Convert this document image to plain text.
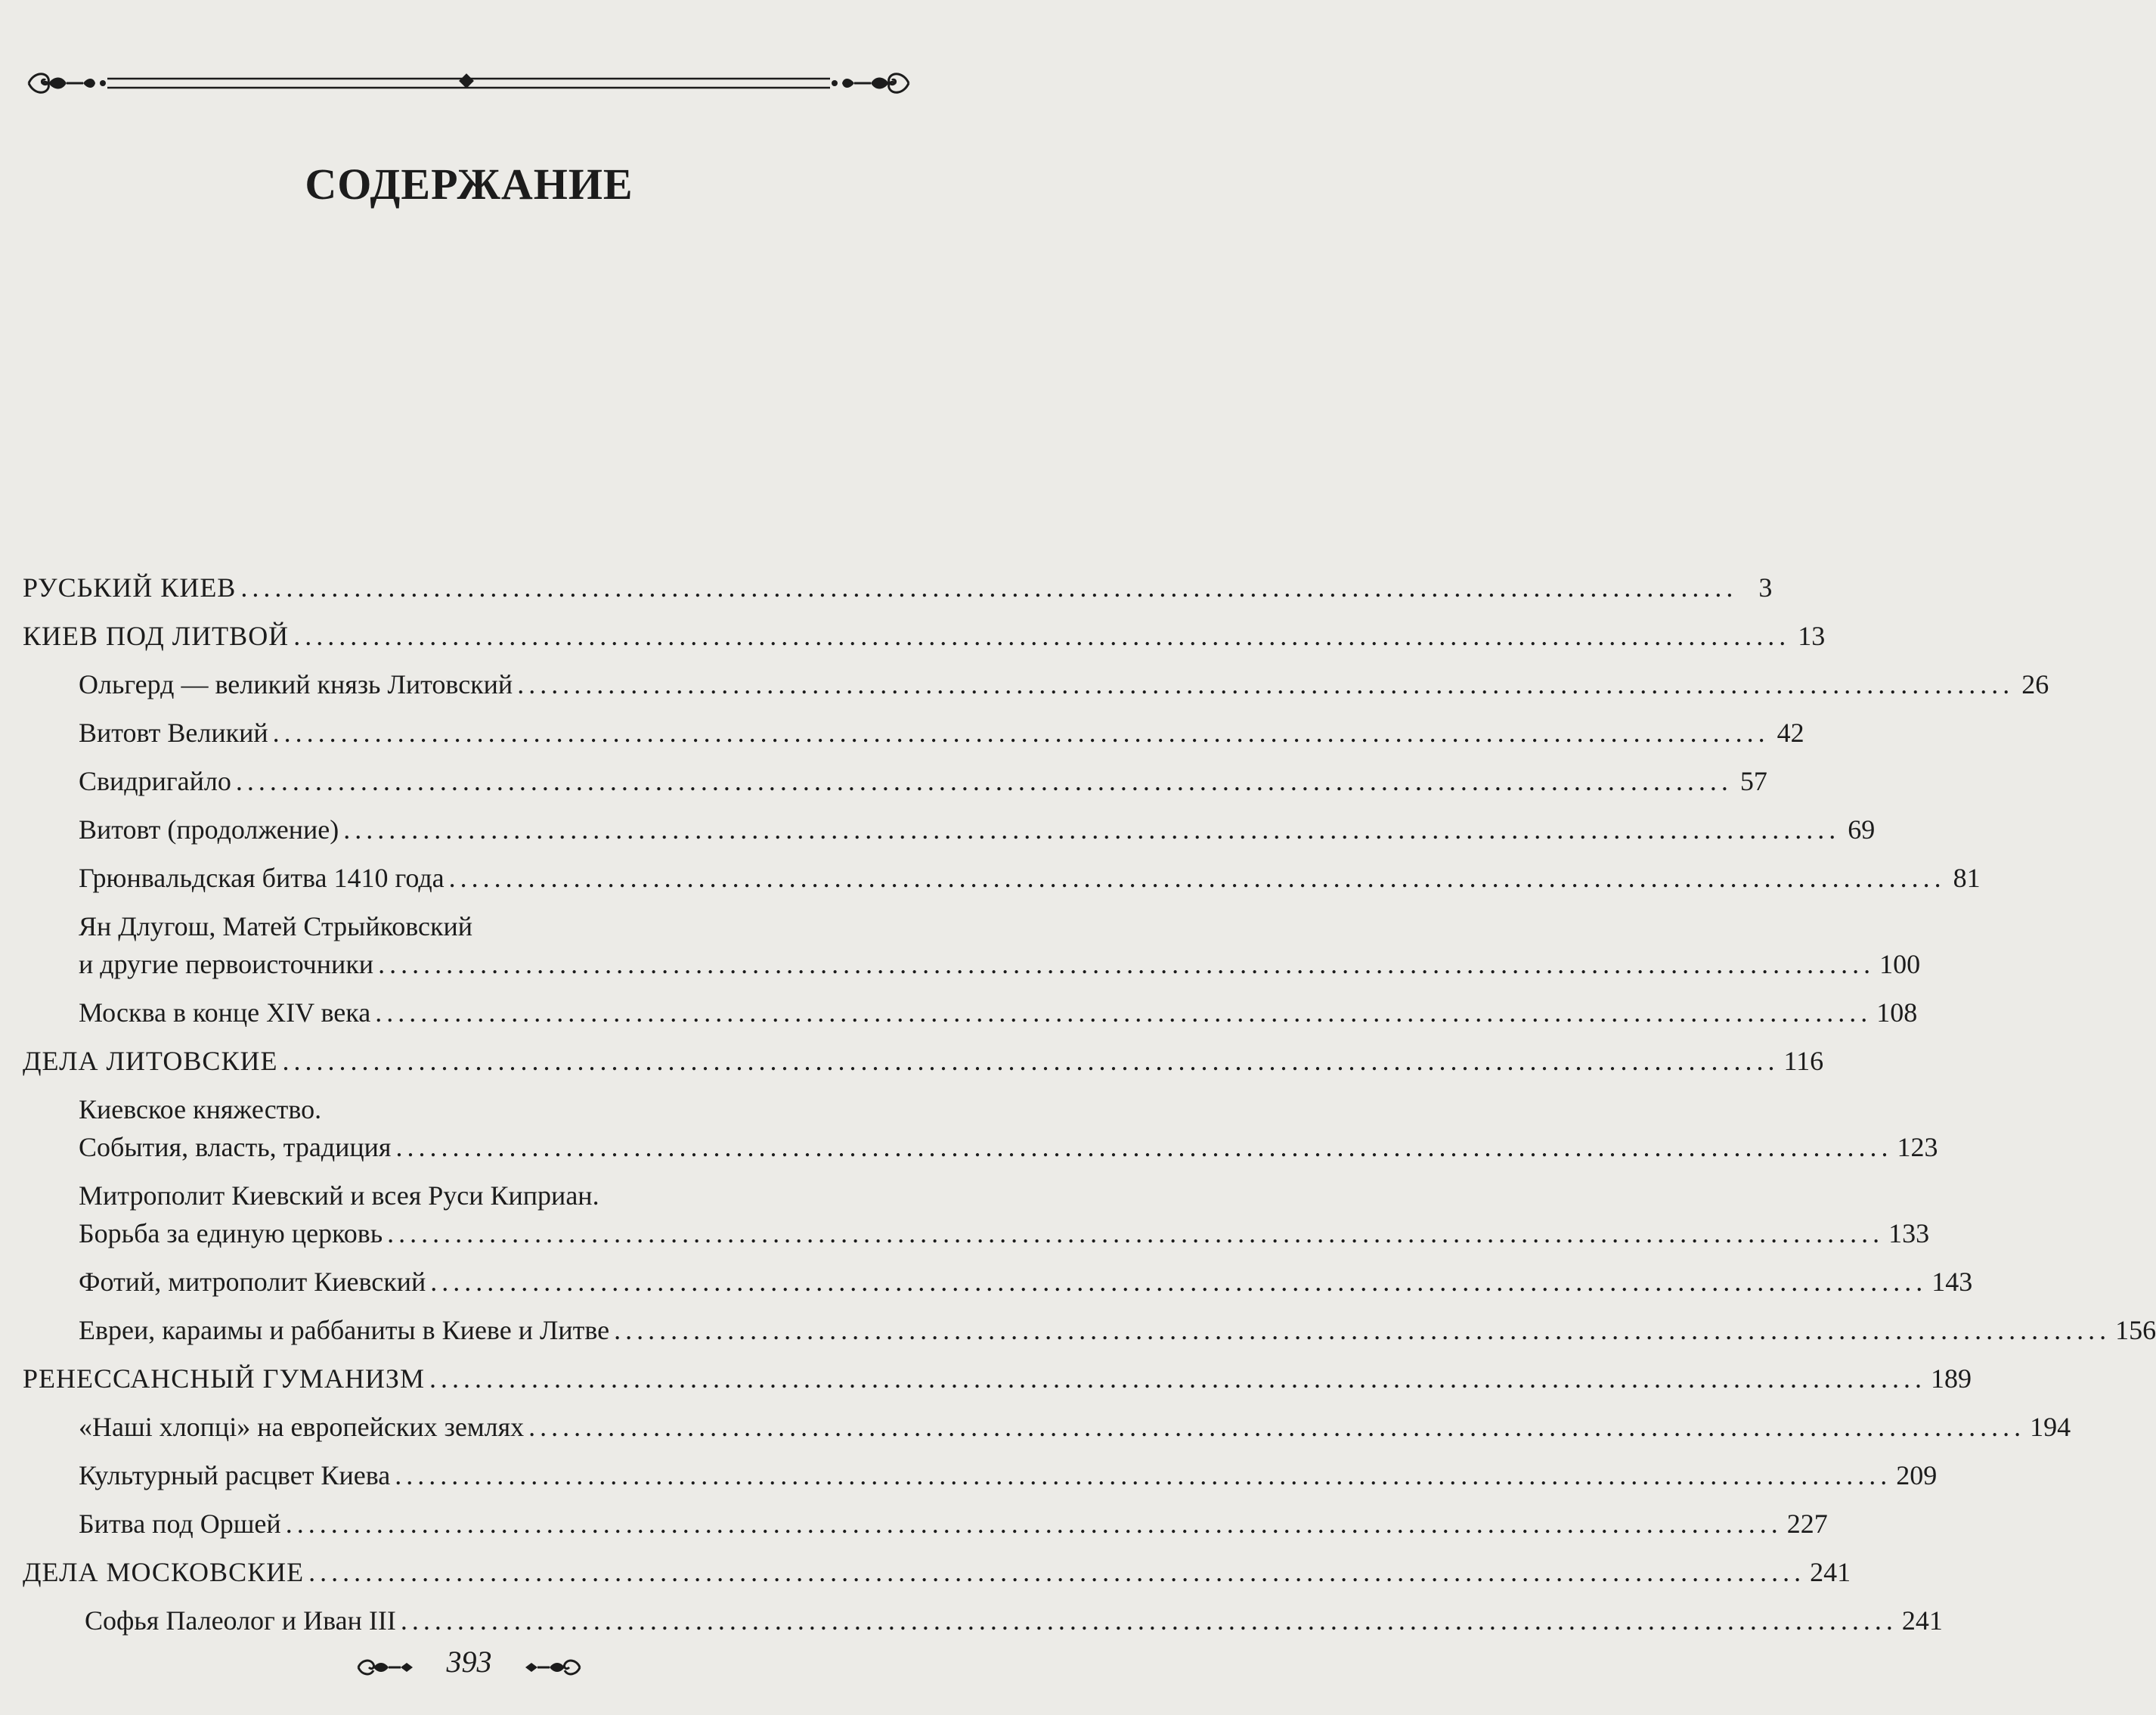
СОДЕРЖАНИЕ
РУСЬКИЙ КИЕВ .................................................................................................................................... 3
КИЕВ ПОД ЛИТВОЙ .................................................................................................................................... 13
Ольгерд — великий князь Литовский .................................................................................................................................... 26
Витовт Великий .................................................................................................................................... 42
Свидригайло .................................................................................................................................... 57
Витовт (продолжение) .................................................................................................................................... 69
Грюнвальдская битва 1410 года .................................................................................................................................... 81
Ян Длугош, Матей Стрыйковский
и другие первоисточники .................................................................................................................................... 100
Москва в конце XIV века .................................................................................................................................... 108
ДЕЛА ЛИТОВСКИЕ .................................................................................................................................... 116
Киевское княжество.
События, власть, традиция .................................................................................................................................... 123
Митрополит Киевский и всея Руси Киприан.
Борьба за единую церковь .................................................................................................................................... 133
Фотий, митрополит Киевский .................................................................................................................................... 143
Евреи, караимы и раббаниты в Киеве и Литве .................................................................................................................................... 156
РЕНЕССАНСНЫЙ ГУМАНИЗМ .................................................................................................................................... 189
«Наші хлопці» на европейских землях .................................................................................................................................... 194
Культурный расцвет Киева .................................................................................................................................... 209
Битва под Оршей .................................................................................................................................... 227
ДЕЛА МОСКОВСКИЕ .................................................................................................................................... 241
Софья Палеолог и Иван III .................................................................................................................................... 241
393
